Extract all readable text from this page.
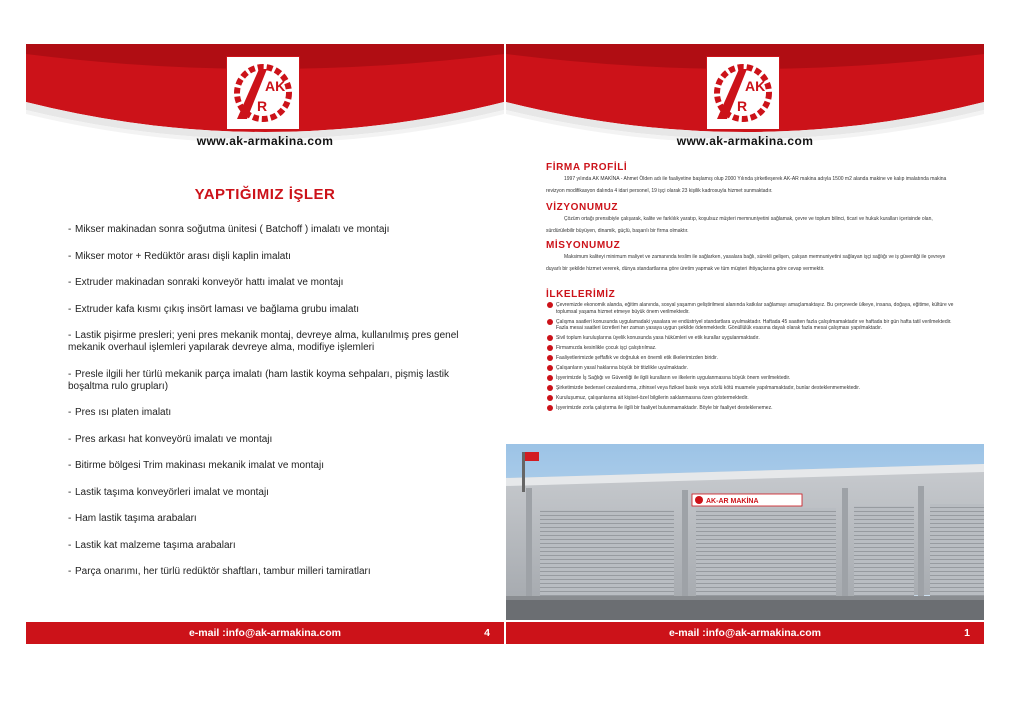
AK
R
www.ak-armakina.com
YAPTIĞIMIZ İŞLER
- Mikser makinadan sonra soğutma ünitesi ( Batchoff ) imalatı ve montajı
- Mikser motor + Redüktör arası dişli kaplin imalatı
- Extruder makinadan sonraki konveyör hattı imalat ve montajı
- Extruder kafa kısmı çıkış insört laması ve bağlama grubu imalatı
- Lastik pişirme presleri; yeni pres mekanik montaj, devreye alma, kullanılmış pres genel mekanik overhaul işlemleri yapılarak devreye alma, modifiye işlemleri
- Presle ilgili her türlü mekanik parça imalatı (ham lastik koyma sehpaları, pişmiş lastik boşaltma rulo grupları)
- Pres ısı platen imalatı
- Pres arkası hat konveyörü imalatı ve montajı
- Bitirme bölgesi Trim makinası mekanik imalat ve montajı
- Lastik taşıma konveyörleri imalat ve montajı
- Ham lastik taşıma arabaları
- Lastik kat malzeme taşıma arabaları
- Parça onarımı, her türlü redüktör shaftları, tambur milleri tamiratları
e-mail :info@ak-armakina.com	4
AK
R
www.ak-armakina.com
FİRMA PROFİLİ
1997 yılında AK MAKİNA - Ahmet Ölden adı ile faaliyetine başlamış olup 2000 Yılında şirketleşerek AK-AR makina adıyla 1500 m2 alanda makine ve kalıp imalatında makina revizyon modifikasyon dalında 4 idari personel, 19 işçi olarak 23 kişilik kadrosuyla hizmet sunmaktadır.
VİZYONUMUZ
Çözüm ortağı prensibiyle çalışarak, kalite ve farklılık yaratıp, koşulsuz müşteri memnuniyetini sağlamak, çevre ve toplum bilinci, ticari ve hukuk kuralları içerisinde olan, sürdürülebilir büyüyen, dinamik, güçlü, başarılı bir firma olmaktır.
MİSYONUMUZ
Maksimum kaliteyi minimum maliyet ve zamanında teslim ile sağlarken, yasalara bağlı, sürekli gelişen, çalışan memnuniyetini sağlayan işçi sağlığı ve iş güvenliği ile çevreye duyarlı bir şekilde hizmet vererek, dünya standartlarına göre üretim yapmak ve tüm müşteri ihtiyaçlarına göre cevap vermektir.
İLKELERİMİZ
Çevremizde ekonomik alanda, eğitim alanında, sosyal yaşamın geliştirilmesi alanında katkılar sağlamayı amaçlamaktayız. Bu çerçevede ülkeye, insana, doğaya, eğitime, kültüre ve toplumsal yaşama hizmet etmeye büyük önem verilmektedir.
Çalışma saatleri konusunda uygulamadaki yasalara ve endüstriyel standartlara uyulmaktadır. Haftada 45 saatten fazla çalışılmamaktadır ve haftada bir gün hafta tatil verilmektedir. Fazla mesai saatleri ücretleri her zaman yasaya uygun şekilde ödenmektedir. Gönüllülük esasına dayalı olarak fazla mesai çalışması yapılmaktadır.
Sivil toplum kuruluşlarına üyelik konusunda yasa hükümleri ve etik kurallar uygulanmaktadır.
Firmamızda kesinlikle çocuk işçi çalıştırılmaz.
Faaliyetlerimizde şeffaflık ve doğruluk en önemli etik ilkelerimizden biridir.
Çalışanların yasal haklarına büyük bir titizlikle uyulmaktadır.
İşyerimizde İş Sağlığı ve Güvenliği ile ilgili kuralların ve ilkelerin uygulanmasına büyük önem verilmektedir.
Şirketimizde bedensel cezalandırma, zihinsel veya fiziksel baskı veya sözlü kötü muamele yapılmamaktadır, bunlar desteklenmemektedir.
Kuruluşumuz, çalışanlarına ait kişisel-özel bilgilerin saklanmasına özen göstermektedir.
İşyerimizde zorla çalıştırma ile ilgili bir faaliyet bulunmamaktadır. Böyle bir faaliyet desteklenemez.
AK-AR MAKİNA
e-mail :info@ak-armakina.com	1
